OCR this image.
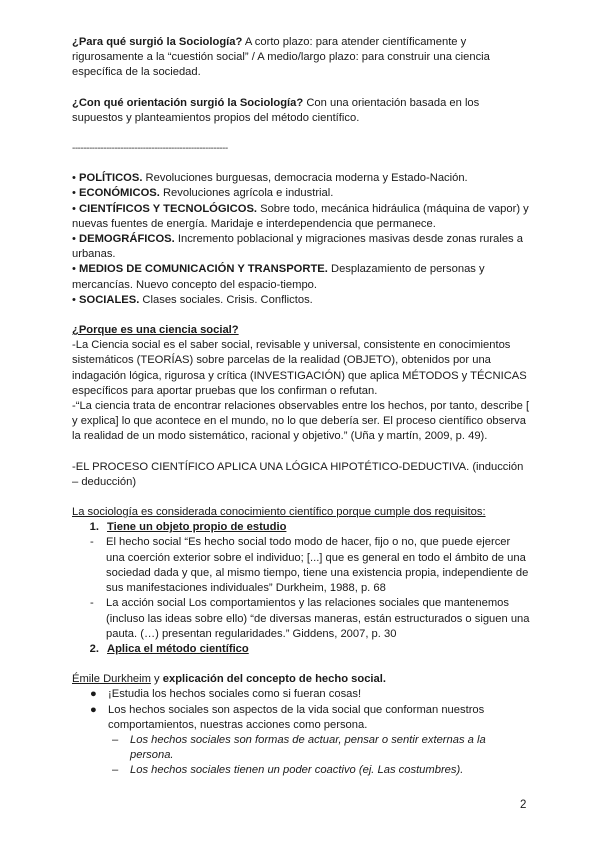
¿Para qué surgió la Sociología? A corto plazo: para atender científicamente y rigurosamente a la “cuestión social” / A medio/largo plazo: para construir una ciencia específica de la sociedad.

¿Con qué orientación surgió la Sociología? Con una orientación basada en los supuestos y planteamientos propios del método científico.

-------------------------------------------------------

• POLÍTICOS. Revoluciones burguesas, democracia moderna y Estado-Nación.

• ECONÓMICOS. Revoluciones agrícola e industrial.

• CIENTÍFICOS Y TECNOLÓGICOS. Sobre todo, mecánica hidráulica (máquina de vapor) y nuevas fuentes de energía. Maridaje e interdependencia que permanece.

• DEMOGRÁFICOS. Incremento poblacional y migraciones masivas desde zonas rurales a urbanas.

• MEDIOS DE COMUNICACIÓN Y TRANSPORTE. Desplazamiento de personas y mercancías. Nuevo concepto del espacio-tiempo.

• SOCIALES. Clases sociales. Crisis. Conflictos.

¿Porque es una ciencia social?

-La Ciencia social es el saber social, revisable y universal, consistente en conocimientos sistemáticos (TEORÍAS) sobre parcelas de la realidad (OBJETO), obtenidos por una indagación lógica, rigurosa y crítica (INVESTIGACIÓN) que aplica MÉTODOS y TÉCNICAS específicos para aportar pruebas que los confirman o refutan.

-“La ciencia trata de encontrar relaciones observables entre los hechos, por tanto, describe [ y explica] lo que acontece en el mundo, no lo que debería ser. El proceso científico observa la realidad de un modo sistemático, racional y objetivo.” (Uña y martín, 2009, p. 49).

-EL PROCESO CIENTÍFICO APLICA UNA LÓGICA HIPOTÉTICO-DEDUCTIVA. (inducción – deducción)

La sociología es considerada conocimiento científico porque cumple dos requisitos:

1. Tiene un objeto propio de estudio
-	El hecho social “Es hecho social todo modo de hacer, fijo o no, que puede ejercer una coerción exterior sobre el individuo; [...] que es general en todo el ámbito de una sociedad dada y que, al mismo tiempo, tiene una existencia propia, independiente de sus manifestaciones individuales” Durkheim, 1988, p. 68
-	La acción social Los comportamientos y las relaciones sociales que mantenemos (incluso las ideas sobre ello) “de diversas maneras, están estructurados o siguen una pauta. (…) presentan regularidades.” Giddens, 2007, p. 30
2. Aplica el método científico

Émile Durkheim y explicación del concepto de hecho social.

●	¡Estudia los hechos sociales como si fueran cosas!
●	Los hechos sociales son aspectos de la vida social que conforman nuestros comportamientos, nuestras acciones como persona.
–	Los hechos sociales son formas de actuar, pensar o sentir externas a la persona.
–	Los hechos sociales tienen un poder coactivo (ej. Las costumbres).
2
